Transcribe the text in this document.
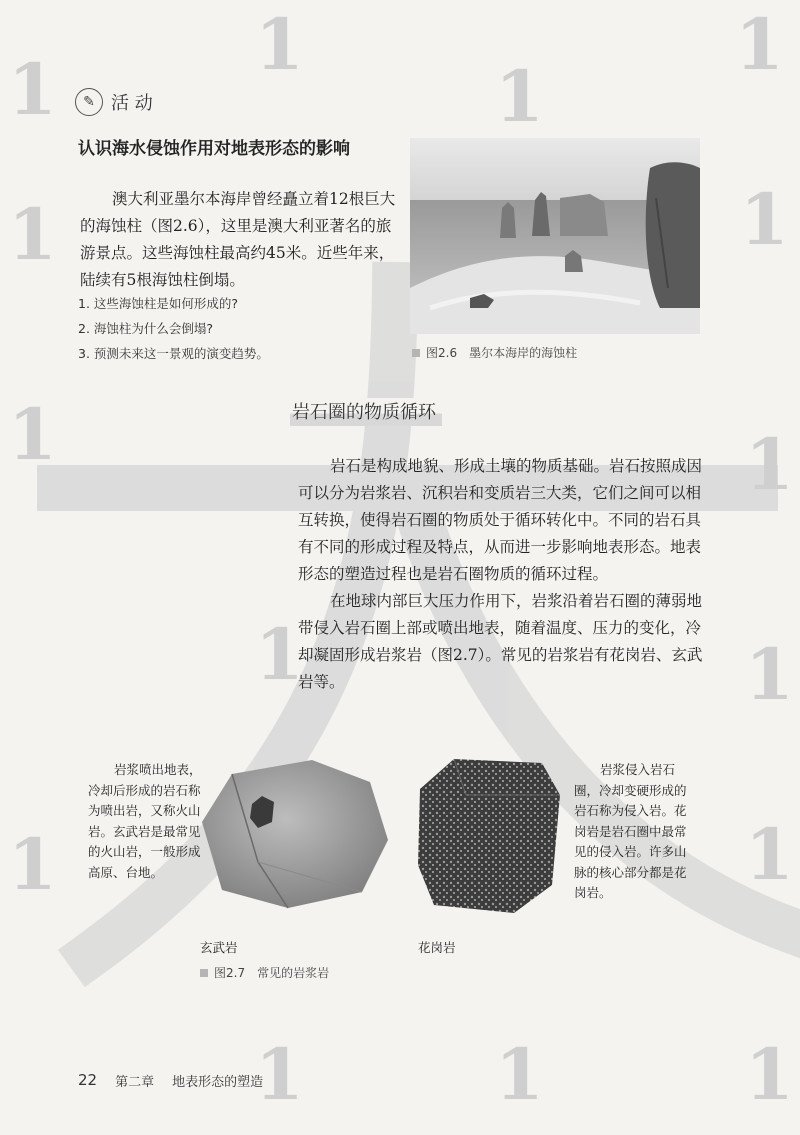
1
1
1
1
1	1
1	1
1	1
1	1
1	1	1
✎ 活 动
认识海水侵蚀作用对地表形态的影响
澳大利亚墨尔本海岸曾经矗立着12根巨大的海蚀柱（图2.6），这里是澳大利亚著名的旅游景点。这些海蚀柱最高约45米。近些年来，陆续有5根海蚀柱倒塌。
1. 这些海蚀柱是如何形成的?
2. 海蚀柱为什么会倒塌?
3. 预测未来这一景观的演变趋势。	图2.6　墨尔本海岸的海蚀柱
岩石圈的物质循环

岩石是构成地貌、形成土壤的物质基础。岩石按照成因可以分为岩浆岩、沉积岩和变质岩三大类，它们之间可以相互转换，使得岩石圈的物质处于循环转化中。不同的岩石具有不同的形成过程及特点，从而进一步影响地表形态。地表形态的塑造过程也是岩石圈物质的循环过程。

在地球内部巨大压力作用下，岩浆沿着岩石圈的薄弱地带侵入岩石圈上部或喷出地表，随着温度、压力的变化，冷却凝固形成岩浆岩（图2.7）。常见的岩浆岩有花岗岩、玄武岩等。

岩浆喷出地表，冷却后形成的岩石称为喷出岩，又称火山岩。玄武岩是最常见的火山岩，一般形成高原、台地。
岩浆侵入岩石圈，冷却变硬形成的岩石称为侵入岩。花岗岩是岩石圈中最常见的侵入岩。许多山脉的核心部分都是花岗岩。
玄武岩	花岗岩
图2.7　常见的岩浆岩
22 第二章 地表形态的塑造
